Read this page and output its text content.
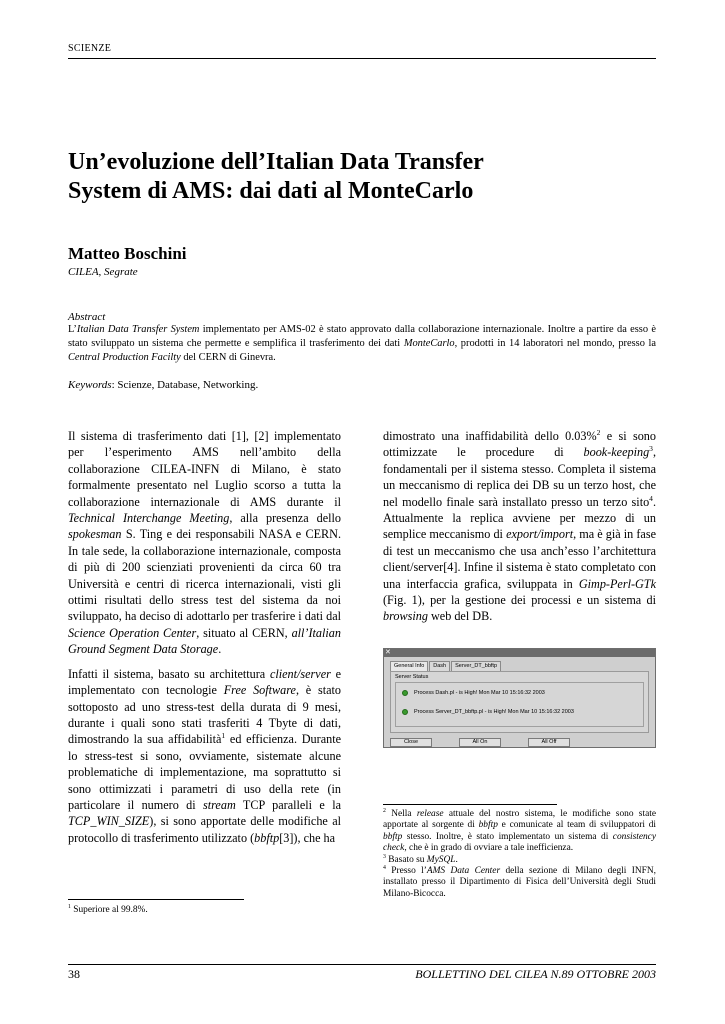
SCIENZE
Un’evoluzione dell’Italian Data Transfer
System di AMS: dai dati al MonteCarlo
Matteo Boschini
CILEA, Segrate
Abstract
L’Italian Data Transfer System implementato per AMS-02 è stato approvato dalla collaborazione internazionale. Inoltre a partire da esso è stato sviluppato un sistema che permette e semplifica il trasferimento dei dati MonteCarlo, prodotti in 14 laboratori nel mondo, presso la Central Production Facilty del CERN di Ginevra.
Keywords: Scienze, Database, Networking.

Il sistema di trasferimento dati [1], [2] implementato per l’esperimento AMS nell’ambito della collaborazione CILEA-INFN di Milano, è stato formalmente presentato nel Luglio scorso a tutta la collaborazione internazionale di AMS durante il Technical Interchange Meeting, alla presenza dello spokesman S. Ting e dei responsabili NASA e CERN. In tale sede, la collaborazione internazionale, composta di più di 200 scienziati provenienti da circa 60 tra Università e centri di ricerca internazionali, visti gli ottimi risultati dello stress test del sistema da noi sviluppato, ha deciso di adottarlo per trasferire i dati dal Science Operation Center, situato al CERN, all’Italian Ground Segment Data Storage.

Infatti il sistema, basato su architettura client/server e implementato con tecnologie Free Software, è stato sottoposto ad uno stress-test della durata di 9 mesi, durante i quali sono stati trasferiti 4 Tbyte di dati, dimostrando la sua affidabilità$^1$ ed efficienza. Durante lo stress-test si sono, ovviamente, sistemate alcune problematiche di implementazione, ma soprattutto si sono ottimizzati i parametri di uso della rete (in particolare il numero di stream TCP paralleli e la TCP_WIN_SIZE), si sono apportate delle modifiche al protocollo di trasferimento utilizzato (bbftp[3]), che ha

$^1$ Superiore al 99.8%.

dimostrato una inaffidabilità dello 0.03%$^2$ e si sono ottimizzate le procedure di book-keeping$^3$, fondamentali per il sistema stesso. Completa il sistema un meccanismo di replica dei DB su un terzo host, che nel modello finale sarà installato presso un terzo sito$^4$. Attualmente la replica avviene per mezzo di un semplice meccanismo di export/import, ma è già in fase di test un meccanismo che usa anch’esso l’architettura client/server[4]. Infine il sistema è stato completato con una interfaccia grafica, sviluppata in Gimp-Perl-GTk (Fig. 1), per la gestione dei processi e un sistema di browsing web del DB.

✕
General Info	Dash	Server_DT_bbftp
Server Status
Process Dash.pl - is High! Mon Mar 10 15:16:32 2003
Process Server_DT_bbftp.pl - is High! Mon Mar 10 15:16:32 2003
Close	All On	All Off

$^2$ Nella release attuale del nostro sistema, le modifiche sono state apportate al sorgente di bbftp e comunicate al team di sviluppatori di bbftp stesso. Inoltre, è stato implementato un sistema di consistency check, che è in grado di ovviare a tale inefficienza.

$^3$ Basato su MySQL.

$^4$ Presso l’AMS Data Center della sezione di Milano degli INFN, installato presso il Dipartimento di Fisica dell’Università degli Studi Milano-Bicocca.

38	BOLLETTINO DEL CILEA N.89 OTTOBRE 2003
